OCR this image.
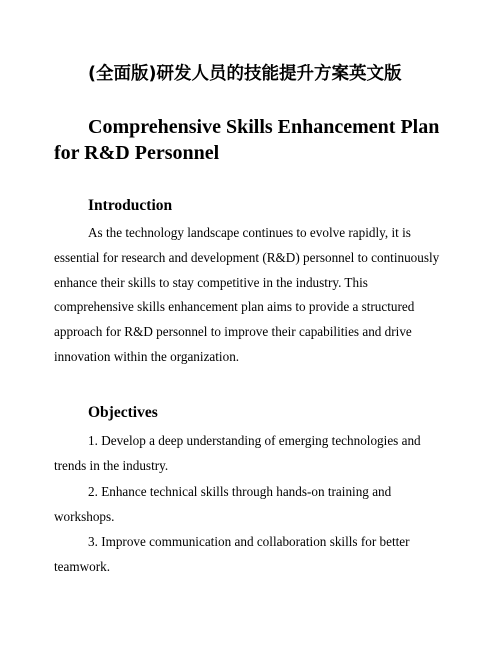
(全面版)研发人员的技能提升方案英文版
Comprehensive Skills Enhancement Plan for R&D Personnel
Introduction

As the technology landscape continues to evolve rapidly, it is essential for research and development (R&D) personnel to continuously enhance their skills to stay competitive in the industry. This comprehensive skills enhancement plan aims to provide a structured approach for R&D personnel to improve their capabilities and drive innovation within the organization.

Objectives

1. Develop a deep understanding of emerging technologies and trends in the industry.

2. Enhance technical skills through hands-on training and workshops.

3. Improve communication and collaboration skills for better teamwork.
